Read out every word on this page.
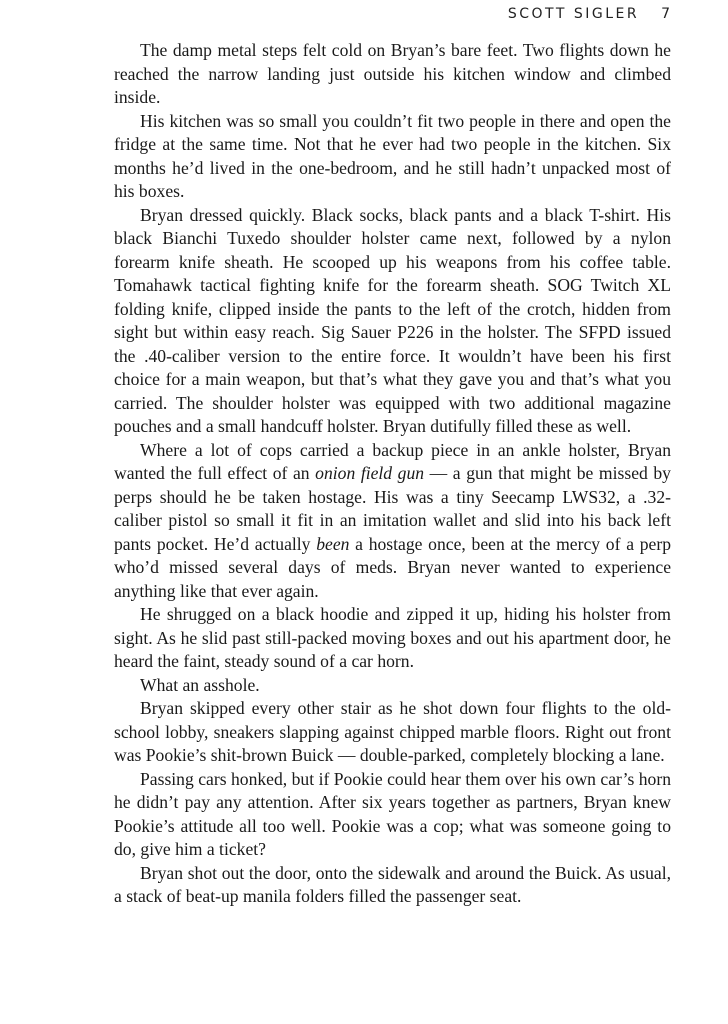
SCOTT SIGLER 7

The damp metal steps felt cold on Bryan’s bare feet. Two flights down he reached the narrow landing just outside his kitchen window and climbed inside.

His kitchen was so small you couldn’t fit two people in there and open the fridge at the same time. Not that he ever had two people in the kitchen. Six months he’d lived in the one-bedroom, and he still hadn’t unpacked most of his boxes.

Bryan dressed quickly. Black socks, black pants and a black T-shirt. His black Bianchi Tuxedo shoulder holster came next, followed by a nylon forearm knife sheath. He scooped up his weapons from his coffee table. Tomahawk tactical fighting knife for the forearm sheath. SOG Twitch XL folding knife, clipped inside the pants to the left of the crotch, hidden from sight but within easy reach. Sig Sauer P226 in the holster. The SFPD issued the .40-caliber version to the entire force. It wouldn’t have been his first choice for a main weapon, but that’s what they gave you and that’s what you carried. The shoulder holster was equipped with two additional magazine pouches and a small handcuff holster. Bryan dutifully filled these as well.

Where a lot of cops carried a backup piece in an ankle holster, Bryan wanted the full effect of an onion field gun — a gun that might be missed by perps should he be taken hostage. His was a tiny Seecamp LWS32, a .32-caliber pistol so small it fit in an imitation wallet and slid into his back left pants pocket. He’d actually been a hostage once, been at the mercy of a perp who’d missed several days of meds. Bryan never wanted to experience anything like that ever again.

He shrugged on a black hoodie and zipped it up, hiding his holster from sight. As he slid past still-packed moving boxes and out his apartment door, he heard the faint, steady sound of a car horn.

What an asshole.

Bryan skipped every other stair as he shot down four flights to the old-school lobby, sneakers slapping against chipped marble floors. Right out front was Pookie’s shit-brown Buick — double-parked, completely blocking a lane.

Passing cars honked, but if Pookie could hear them over his own car’s horn he didn’t pay any attention. After six years together as partners, Bryan knew Pookie’s attitude all too well. Pookie was a cop; what was someone going to do, give him a ticket?

Bryan shot out the door, onto the sidewalk and around the Buick. As usual, a stack of beat-up manila folders filled the passenger seat.
